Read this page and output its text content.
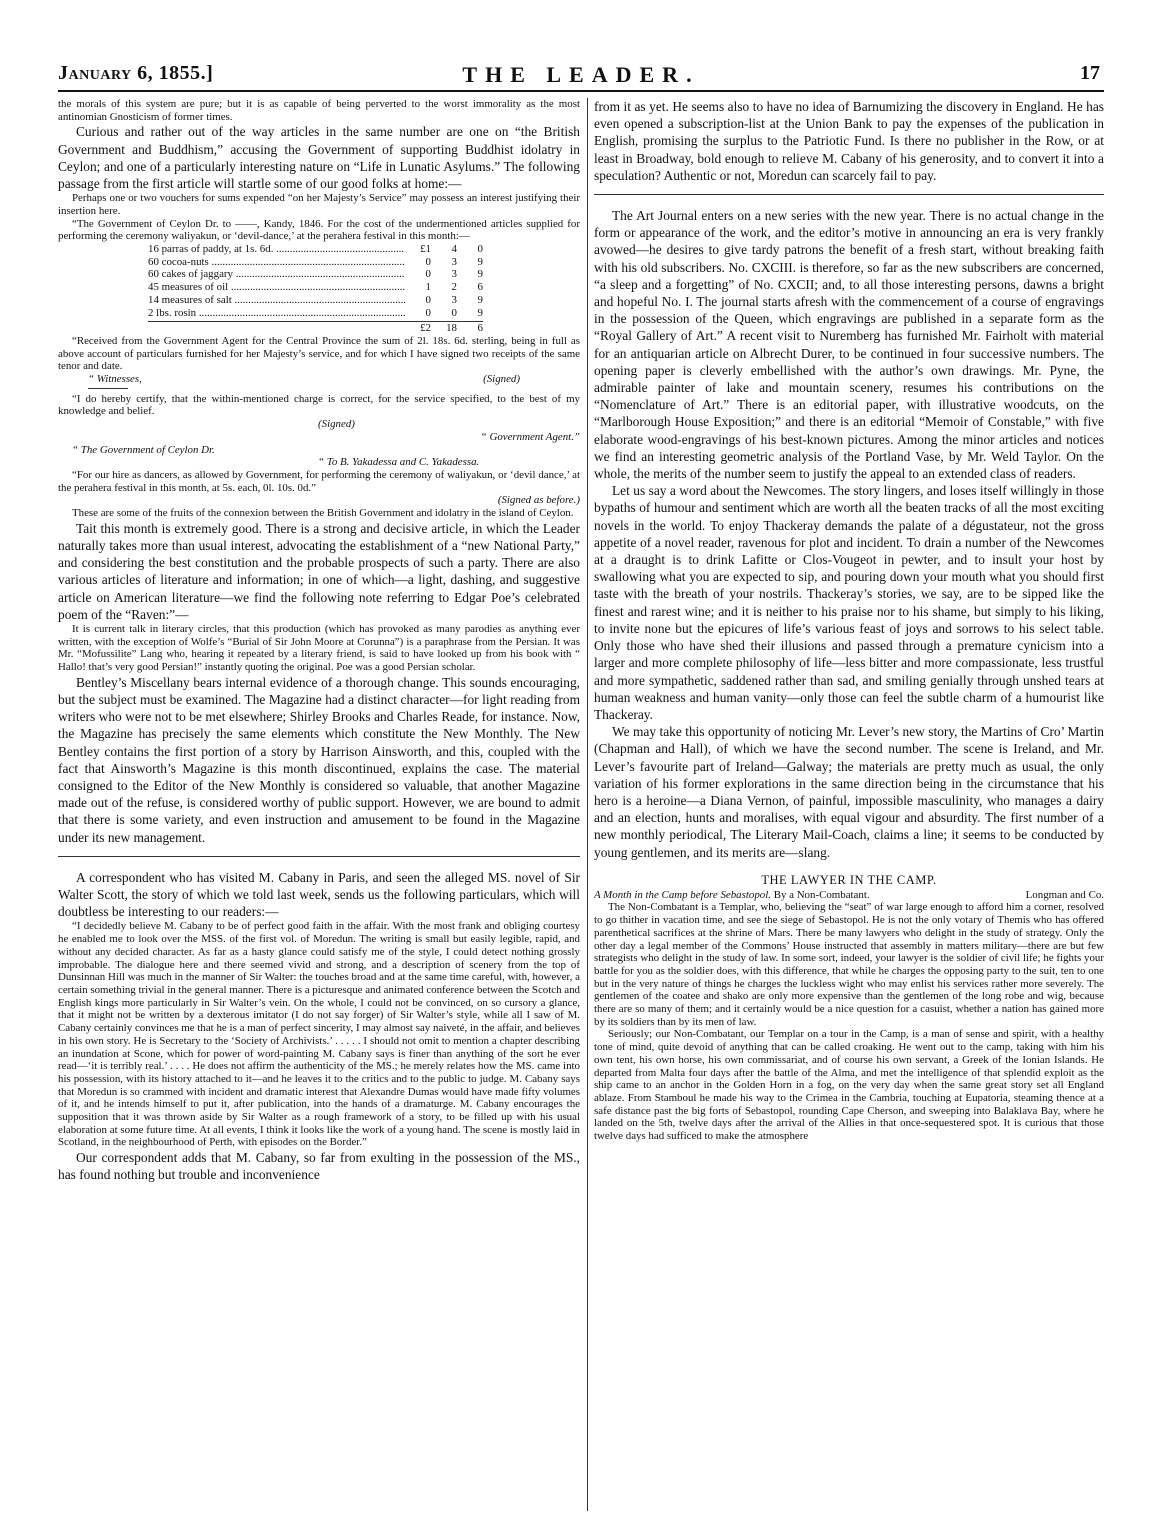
January 6, 1855.]	THE LEADER.	17

the morals of this system are pure; but it is as capable of being perverted to the worst immorality as the most antinomian Gnosticism of former times.

Curious and rather out of the way articles in the same number are one on “the British Government and Buddhism,” accusing the Government of supporting Buddhist idolatry in Ceylon; and one of a particularly interesting nature on “Life in Lunatic Asylums.” The following passage from the first article will startle some of our good folks at home:—

Perhaps one or two vouchers for sums expended “on her Majesty’s Service” may possess an interest justifying their insertion here.

“The Government of Ceylon Dr. to ——, Kandy, 1846. For the cost of the undermentioned articles supplied for performing the ceremony waliyakun, or ‘devil-dance,’ at the perahera festival in this month:—

16 parras of paddy, at 1s. 6d. .....	£1	4	0
60 cocoa-nuts .....	0	3	9
60 cakes of jaggary .....	0	3	9
45 measures of oil .....	1	2	6
14 measures of salt .....	0	3	9
2 lbs. rosin .....	0	0	9
£2	18	6

“Received from the Government Agent for the Central Province the sum of 2l. 18s. 6d. sterling, being in full as above account of particulars furnished for her Majesty’s service, and for which I have signed two receipts of the same tenor and date.

“ Witnesses,	(Signed)

“I do hereby certify, that the within-mentioned charge is correct, for the service specified, to the best of my knowledge and belief.

(Signed)
“ Government Agent.”
“ The Government of Ceylon Dr.
“ To B. Yakadessa and C. Yakadessa.

“For our hire as dancers, as allowed by Government, for performing the ceremony of waliyakun, or ‘devil dance,’ at the perahera festival in this month, at 5s. each, 0l. 10s. 0d.”

(Signed as before.)

These are some of the fruits of the connexion between the British Government and idolatry in the island of Ceylon.

Tait this month is extremely good. There is a strong and decisive article, in which the Leader naturally takes more than usual interest, advocating the establishment of a “new National Party,” and considering the best constitution and the probable prospects of such a party. There are also various articles of literature and information; in one of which—a light, dashing, and suggestive article on American literature—we find the following note referring to Edgar Poe’s celebrated poem of the “Raven:”—

It is current talk in literary circles, that this production (which has provoked as many parodies as anything ever written, with the exception of Wolfe’s “Burial of Sir John Moore at Corunna”) is a paraphrase from the Persian. It was Mr. “Mofussilite” Lang who, hearing it repeated by a literary friend, is said to have looked up from his book with “ Hallo! that’s very good Persian!” instantly quoting the original. Poe was a good Persian scholar.

Bentley’s Miscellany bears internal evidence of a thorough change. This sounds encouraging, but the subject must be examined. The Magazine had a distinct character—for light reading from writers who were not to be met elsewhere; Shirley Brooks and Charles Reade, for instance. Now, the Magazine has precisely the same elements which constitute the New Monthly. The New Bentley contains the first portion of a story by Harrison Ainsworth, and this, coupled with the fact that Ainsworth’s Magazine is this month discontinued, explains the case. The material consigned to the Editor of the New Monthly is considered so valuable, that another Magazine made out of the refuse, is considered worthy of public support. However, we are bound to admit that there is some variety, and even instruction and amusement to be found in the Magazine under its new management.

A correspondent who has visited M. Cabany in Paris, and seen the alleged MS. novel of Sir Walter Scott, the story of which we told last week, sends us the following particulars, which will doubtless be interesting to our readers:—

“I decidedly believe M. Cabany to be of perfect good faith in the affair. With the most frank and obliging courtesy he enabled me to look over the MSS. of the first vol. of Moredun. The writing is small but easily legible, rapid, and without any decided character. As far as a hasty glance could satisfy me of the style, I could detect nothing grossly improbable. The dialogue here and there seemed vivid and strong, and a description of scenery from the top of Dunsinnan Hill was much in the manner of Sir Walter: the touches broad and at the same time careful, with, however, a certain something trivial in the general manner. There is a picturesque and animated conference between the Scotch and English kings more particularly in Sir Walter’s vein. On the whole, I could not be convinced, on so cursory a glance, that it might not be written by a dexterous imitator (I do not say forger) of Sir Walter’s style, while all I saw of M. Cabany certainly convinces me that he is a man of perfect sincerity, I may almost say naiveté, in the affair, and believes in his own story. He is Secretary to the ‘Society of Archivists.’ . . . . . I should not omit to mention a chapter describing an inundation at Scone, which for power of word-painting M. Cabany says is finer than anything of the sort he ever read—‘it is terribly real.’ . . . . He does not affirm the authenticity of the MS.; he merely relates how the MS. came into his possession, with its history attached to it—and he leaves it to the critics and to the public to judge. M. Cabany says that Moredun is so crammed with incident and dramatic interest that Alexandre Dumas would have made fifty volumes of it, and he intends himself to put it, after publication, into the hands of a dramaturge. M. Cabany encourages the supposition that it was thrown aside by Sir Walter as a rough framework of a story, to be filled up with his usual elaboration at some future time. At all events, I think it looks like the work of a young hand. The scene is mostly laid in Scotland, in the neighbourhood of Perth, with episodes on the Border.”

Our correspondent adds that M. Cabany, so far from exulting in the possession of the MS., has found nothing but trouble and inconvenience

from it as yet. He seems also to have no idea of Barnumizing the discovery in England. He has even opened a subscription-list at the Union Bank to pay the expenses of the publication in English, promising the surplus to the Patriotic Fund. Is there no publisher in the Row, or at least in Broadway, bold enough to relieve M. Cabany of his generosity, and to convert it into a speculation? Authentic or not, Moredun can scarcely fail to pay.

The Art Journal enters on a new series with the new year. There is no actual change in the form or appearance of the work, and the editor’s motive in announcing an era is very frankly avowed—he desires to give tardy patrons the benefit of a fresh start, without breaking faith with his old subscribers. No. CXCIII. is therefore, so far as the new subscribers are concerned, “a sleep and a forgetting” of No. CXCII; and, to all those interesting persons, dawns a bright and hopeful No. I. The journal starts afresh with the commencement of a course of engravings in the possession of the Queen, which engravings are published in a separate form as the “Royal Gallery of Art.” A recent visit to Nuremberg has furnished Mr. Fairholt with material for an antiquarian article on Albrecht Durer, to be continued in four successive numbers. The opening paper is cleverly embellished with the author’s own drawings. Mr. Pyne, the admirable painter of lake and mountain scenery, resumes his contributions on the “Nomenclature of Art.” There is an editorial paper, with illustrative woodcuts, on the “Marlborough House Exposition;” and there is an editorial “Memoir of Constable,” with five elaborate wood-engravings of his best-known pictures. Among the minor articles and notices we find an interesting geometric analysis of the Portland Vase, by Mr. Weld Taylor. On the whole, the merits of the number seem to justify the appeal to an extended class of readers.

Let us say a word about the Newcomes. The story lingers, and loses itself willingly in those bypaths of humour and sentiment which are worth all the beaten tracks of all the most exciting novels in the world. To enjoy Thackeray demands the palate of a dégustateur, not the gross appetite of a novel reader, ravenous for plot and incident. To drain a number of the Newcomes at a draught is to drink Lafitte or Clos-Vougeot in pewter, and to insult your host by swallowing what you are expected to sip, and pouring down your mouth what you should first taste with the breath of your nostrils. Thackeray’s stories, we say, are to be sipped like the finest and rarest wine; and it is neither to his praise nor to his shame, but simply to his liking, to invite none but the epicures of life’s various feast of joys and sorrows to his select table. Only those who have shed their illusions and passed through a premature cynicism into a larger and more complete philosophy of life—less bitter and more compassionate, less trustful and more sympathetic, saddened rather than sad, and smiling genially through unshed tears at human weakness and human vanity—only those can feel the subtle charm of a humourist like Thackeray.

We may take this opportunity of noticing Mr. Lever’s new story, the Martins of Cro’ Martin (Chapman and Hall), of which we have the second number. The scene is Ireland, and Mr. Lever’s favourite part of Ireland—Galway; the materials are pretty much as usual, the only variation of his former explorations in the same direction being in the circumstance that his hero is a heroine—a Diana Vernon, of painful, impossible masculinity, who manages a dairy and an election, hunts and moralises, with equal vigour and absurdity. The first number of a new monthly periodical, The Literary Mail-Coach, claims a line; it seems to be conducted by young gentlemen, and its merits are—slang.

THE LAWYER IN THE CAMP.
A Month in the Camp before Sebastopol. By a Non-Combatant.	Longman and Co.

The Non-Combatant is a Templar, who, believing the “seat” of war large enough to afford him a corner, resolved to go thither in vacation time, and see the siege of Sebastopol. He is not the only votary of Themis who has offered parenthetical sacrifices at the shrine of Mars. There be many lawyers who delight in the study of strategy. Only the other day a legal member of the Commons’ House instructed that assembly in matters military—there are but few strategists who delight in the study of law. In some sort, indeed, your lawyer is the soldier of civil life; he fights your battle for you as the soldier does, with this difference, that while he charges the opposing party to the suit, ten to one but in the very nature of things he charges the luckless wight who may enlist his services rather more severely. The gentlemen of the coatee and shako are only more expensive than the gentlemen of the long robe and wig, because there are so many of them; and it certainly would be a nice question for a casuist, whether a nation has gained more by its soldiers than by its men of law.

Seriously; our Non-Combatant, our Templar on a tour in the Camp, is a man of sense and spirit, with a healthy tone of mind, quite devoid of anything that can be called croaking. He went out to the camp, taking with him his own tent, his own horse, his own commissariat, and of course his own servant, a Greek of the Ionian Islands. He departed from Malta four days after the battle of the Alma, and met the intelligence of that splendid exploit as the ship came to an anchor in the Golden Horn in a fog, on the very day when the same great story set all England ablaze. From Stamboul he made his way to the Crimea in the Cambria, touching at Eupatoria, steaming thence at a safe distance past the big forts of Sebastopol, rounding Cape Cherson, and sweeping into Balaklava Bay, where he landed on the 5th, twelve days after the arrival of the Allies in that once-sequestered spot. It is curious that those twelve days had sufficed to make the atmosphere
